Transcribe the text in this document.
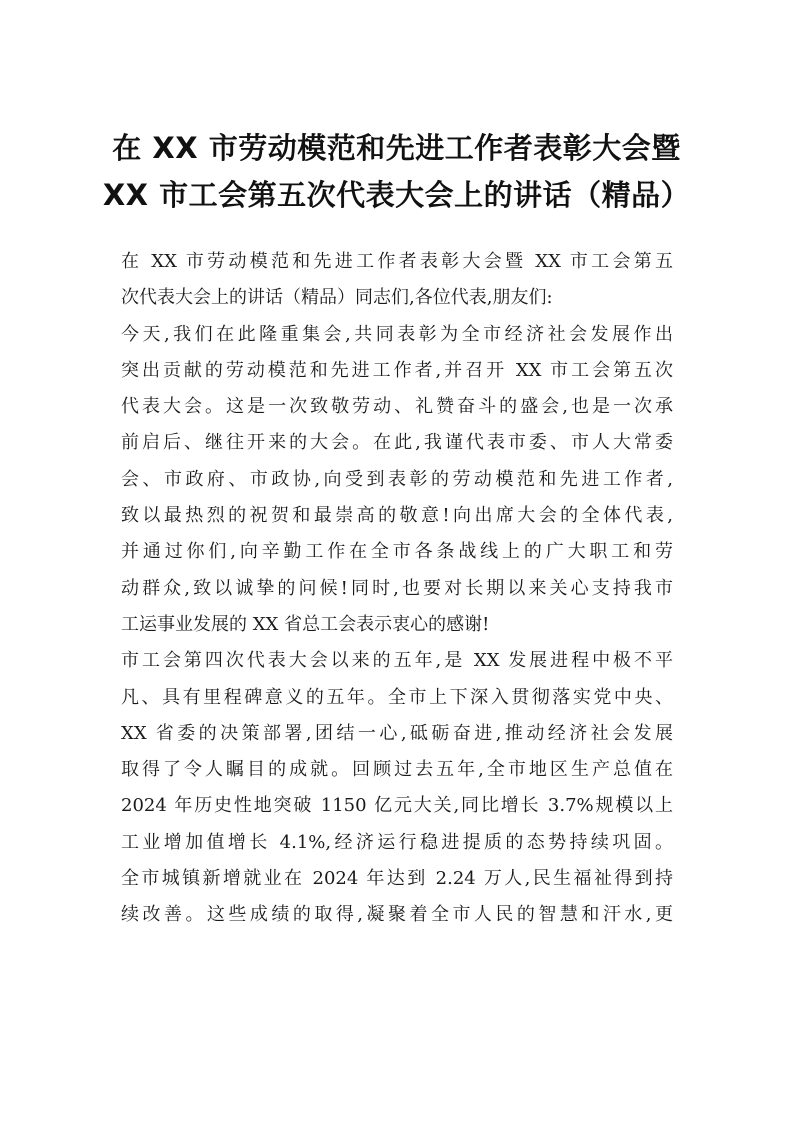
在 XX 市劳动模范和先进工作者表彰大会暨
XX 市工会第五次代表大会上的讲话（精品）
在 XX 市劳动模范和先进工作者表彰大会暨 XX 市工会第五
次代表大会上的讲话（精品）同志们,各位代表,朋友们:
今天,我们在此隆重集会,共同表彰为全市经济社会发展作出
突出贡献的劳动模范和先进工作者,并召开 XX 市工会第五次
代表大会。这是一次致敬劳动、礼赞奋斗的盛会,也是一次承
前启后、继往开来的大会。在此,我谨代表市委、市人大常委
会、市政府、市政协,向受到表彰的劳动模范和先进工作者,
致以最热烈的祝贺和最崇高的敬意!向出席大会的全体代表,
并通过你们,向辛勤工作在全市各条战线上的广大职工和劳
动群众,致以诚挚的问候!同时,也要对长期以来关心支持我市
工运事业发展的 XX 省总工会表示衷心的感谢!
市工会第四次代表大会以来的五年,是 XX 发展进程中极不平
凡、具有里程碑意义的五年。全市上下深入贯彻落实党中央、
XX 省委的决策部署,团结一心,砥砺奋进,推动经济社会发展
取得了令人瞩目的成就。回顾过去五年,全市地区生产总值在
2024 年历史性地突破 1150 亿元大关,同比增长 3.7%规模以上
工业增加值增长 4.1%,经济运行稳进提质的态势持续巩固。
全市城镇新增就业在 2024 年达到 2.24 万人,民生福祉得到持
续改善。这些成绩的取得,凝聚着全市人民的智慧和汗水,更
